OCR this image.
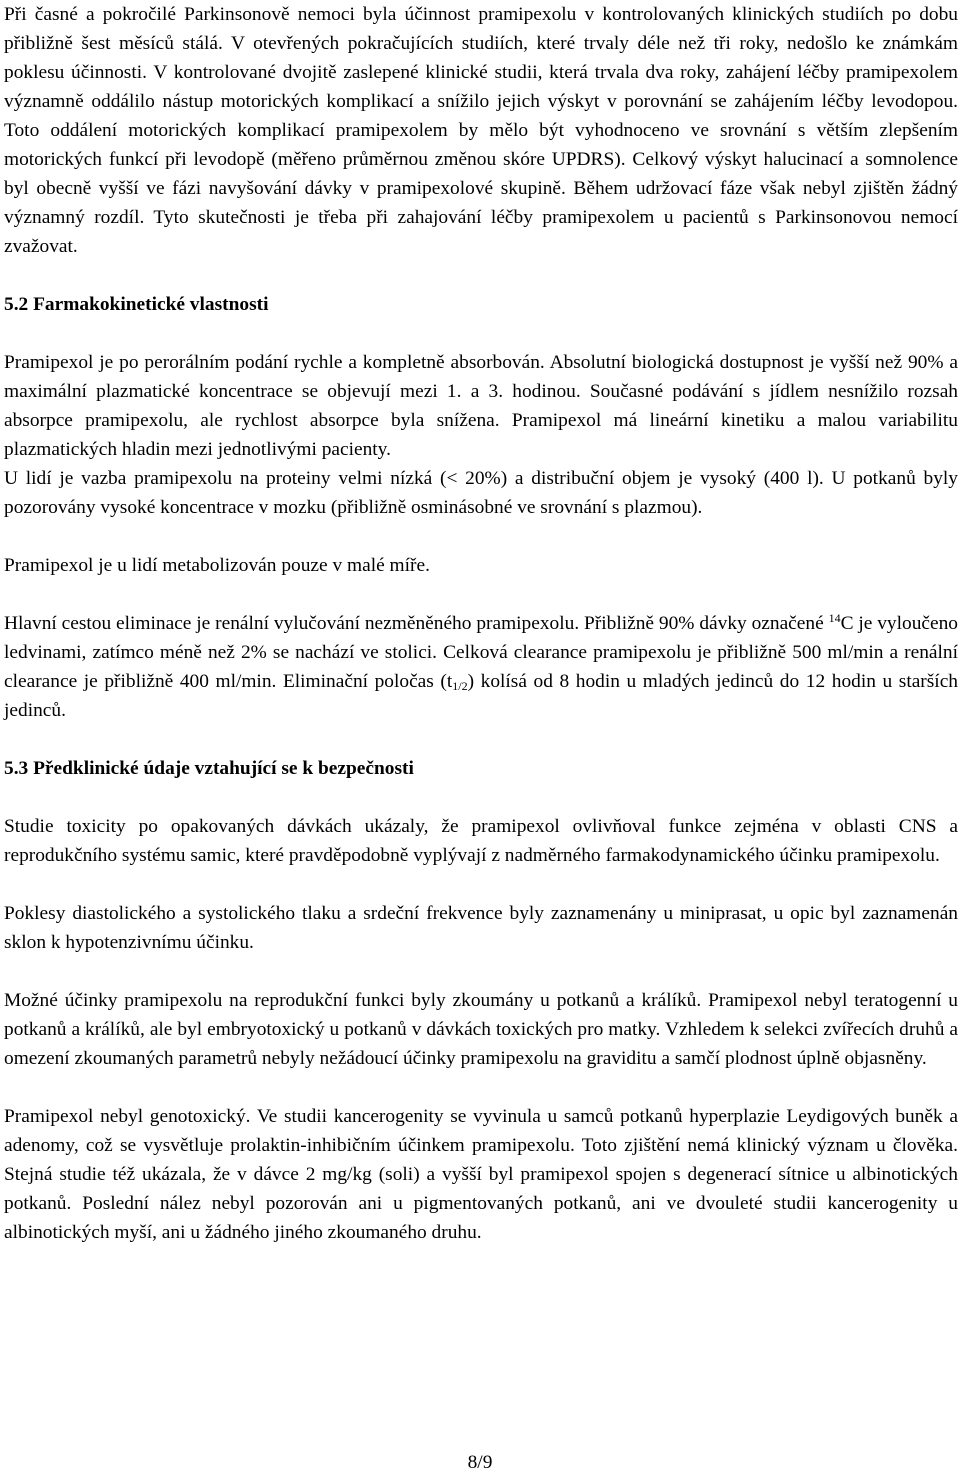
Při časné a pokročilé Parkinsonově nemoci byla účinnost pramipexolu v kontrolovaných klinických studiích po dobu přibližně šest měsíců stálá. V otevřených pokračujících studiích, které trvaly déle než tři roky, nedošlo ke známkám poklesu účinnosti. V kontrolované dvojitě zaslepené klinické studii, která trvala dva roky, zahájení léčby pramipexolem významně oddálilo nástup motorických komplikací a snížilo jejich výskyt v porovnání se zahájením léčby levodopou. Toto oddálení motorických komplikací pramipexolem by mělo být vyhodnoceno ve srovnání s větším zlepšením motorických funkcí při levodopě (měřeno průměrnou změnou skóre UPDRS). Celkový výskyt halucinací a somnolence byl obecně vyšší ve fázi navyšování dávky v pramipexolové skupině. Během udržovací fáze však nebyl zjištěn žádný významný rozdíl. Tyto skutečnosti je třeba při zahajování léčby pramipexolem u pacientů s Parkinsonovou nemocí zvažovat.

5.2 Farmakokinetické vlastnosti

Pramipexol je po perorálním podání rychle a kompletně absorbován. Absolutní biologická dostupnost je vyšší než 90% a maximální plazmatické koncentrace se objevují mezi 1. a 3. hodinou. Současné podávání s jídlem nesnížilo rozsah absorpce pramipexolu, ale rychlost absorpce byla snížena. Pramipexol má lineární kinetiku a malou variabilitu plazmatických hladin mezi jednotlivými pacienty.

U lidí je vazba pramipexolu na proteiny velmi nízká (< 20%) a distribuční objem je vysoký (400 l). U potkanů byly pozorovány vysoké koncentrace v mozku (přibližně osminásobné ve srovnání s plazmou).

Pramipexol je u lidí metabolizován pouze v malé míře.

Hlavní cestou eliminace je renální vylučování nezměněného pramipexolu. Přibližně 90% dávky označené $^{14}$C je vyloučeno ledvinami, zatímco méně než 2% se nachází ve stolici. Celková clearance pramipexolu je přibližně 500 ml/min a renální clearance je přibližně 400 ml/min. Eliminační poločas $(t_{1/2})$ kolísá od 8 hodin u mladých jedinců do 12 hodin u starších jedinců.

5.3 Předklinické údaje vztahující se k bezpečnosti

Studie toxicity po opakovaných dávkách ukázaly, že pramipexol ovlivňoval funkce zejména v oblasti CNS a reprodukčního systému samic, které pravděpodobně vyplývají z nadměrného farmakodynamického účinku pramipexolu.

Poklesy diastolického a systolického tlaku a srdeční frekvence byly zaznamenány u miniprasat, u opic byl zaznamenán sklon k hypotenzivnímu účinku.

Možné účinky pramipexolu na reprodukční funkci byly zkoumány u potkanů a králíků. Pramipexol nebyl teratogenní u potkanů a králíků, ale byl embryotoxický u potkanů v dávkách toxických pro matky. Vzhledem k selekci zvířecích druhů a omezení zkoumaných parametrů nebyly nežádoucí účinky pramipexolu na graviditu a samčí plodnost úplně objasněny.

Pramipexol nebyl genotoxický. Ve studii kancerogenity se vyvinula u samců potkanů hyperplazie Leydigových buněk a adenomy, což se vysvětluje prolaktin-inhibičním účinkem pramipexolu. Toto zjištění nemá klinický význam u člověka. Stejná studie též ukázala, že v dávce 2 mg/kg (soli) a vyšší byl pramipexol spojen s degenerací sítnice u albinotických potkanů. Poslední nález nebyl pozorován ani u pigmentovaných potkanů, ani ve dvouleté studii kancerogenity u albinotických myší, ani u žádného jiného zkoumaného druhu.

8/9
